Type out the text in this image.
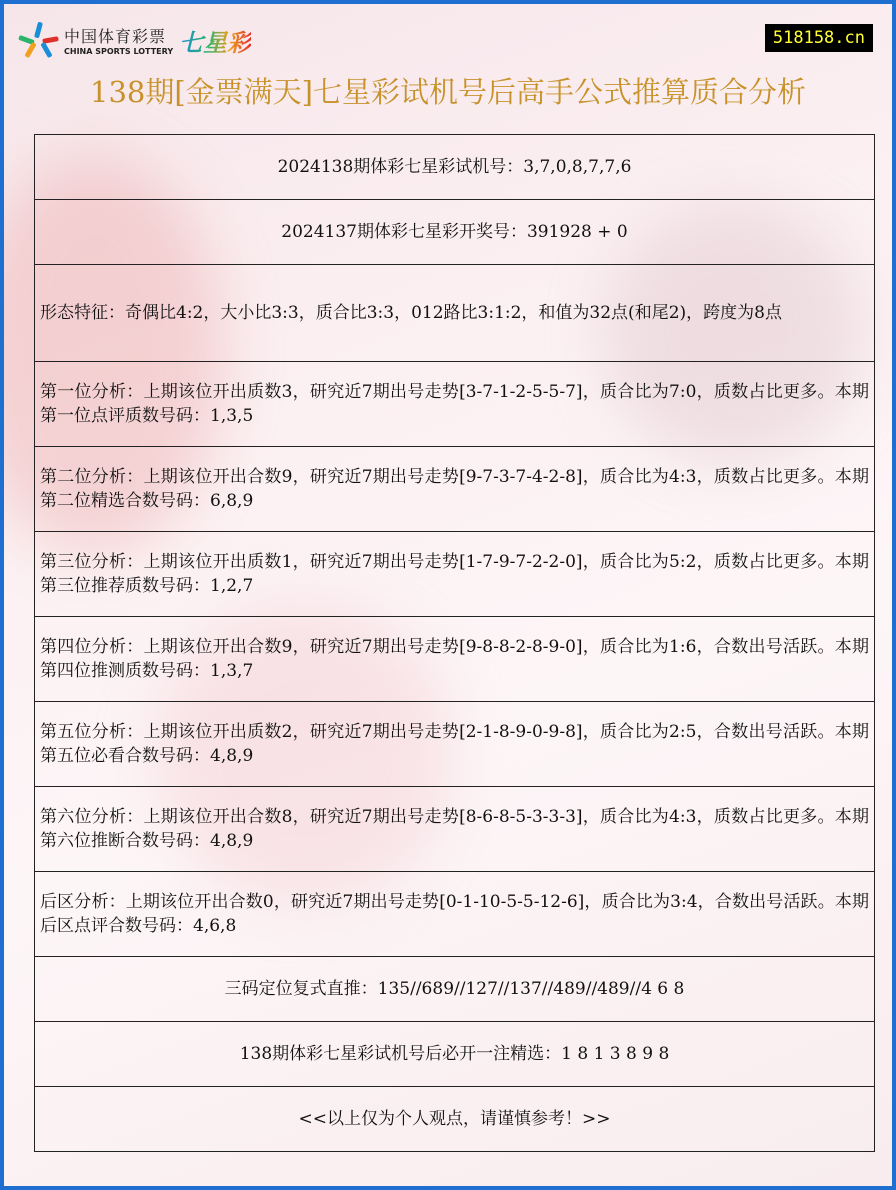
中国体育彩票
CHINA SPORTS LOTTERY 七星彩	518158.cn
138期[金票满天]七星彩试机号后高手公式推算质合分析
2024138期体彩七星彩试机号：3,7,0,8,7,7,6
2024137期体彩七星彩开奖号：391928 + 0
形态特征：奇偶比4:2，大小比3:3，质合比3:3，012路比3:1:2，和值为32点(和尾2)，跨度为8点
第一位分析：上期该位开出质数3，研究近7期出号走势[3-7-1-2-5-5-7]，质合比为7:0，质数占比更多。本期第一位点评质数号码：1,3,5
第二位分析：上期该位开出合数9，研究近7期出号走势[9-7-3-7-4-2-8]，质合比为4:3，质数占比更多。本期第二位精选合数号码：6,8,9
第三位分析：上期该位开出质数1，研究近7期出号走势[1-7-9-7-2-2-0]，质合比为5:2，质数占比更多。本期第三位推荐质数号码：1,2,7
第四位分析：上期该位开出合数9，研究近7期出号走势[9-8-8-2-8-9-0]，质合比为1:6，合数出号活跃。本期第四位推测质数号码：1,3,7
第五位分析：上期该位开出质数2，研究近7期出号走势[2-1-8-9-0-9-8]，质合比为2:5，合数出号活跃。本期第五位必看合数号码：4,8,9
第六位分析：上期该位开出合数8，研究近7期出号走势[8-6-8-5-3-3-3]，质合比为4:3，质数占比更多。本期第六位推断合数号码：4,8,9
后区分析：上期该位开出合数0，研究近7期出号走势[0-1-10-5-5-12-6]，质合比为3:4，合数出号活跃。本期后区点评合数号码：4,6,8
三码定位复式直推：135//689//127//137//489//489//4 6 8
138期体彩七星彩试机号后必开一注精选：1 8 1 3 8 9 8
<<以上仅为个人观点，请谨慎参考！>>
